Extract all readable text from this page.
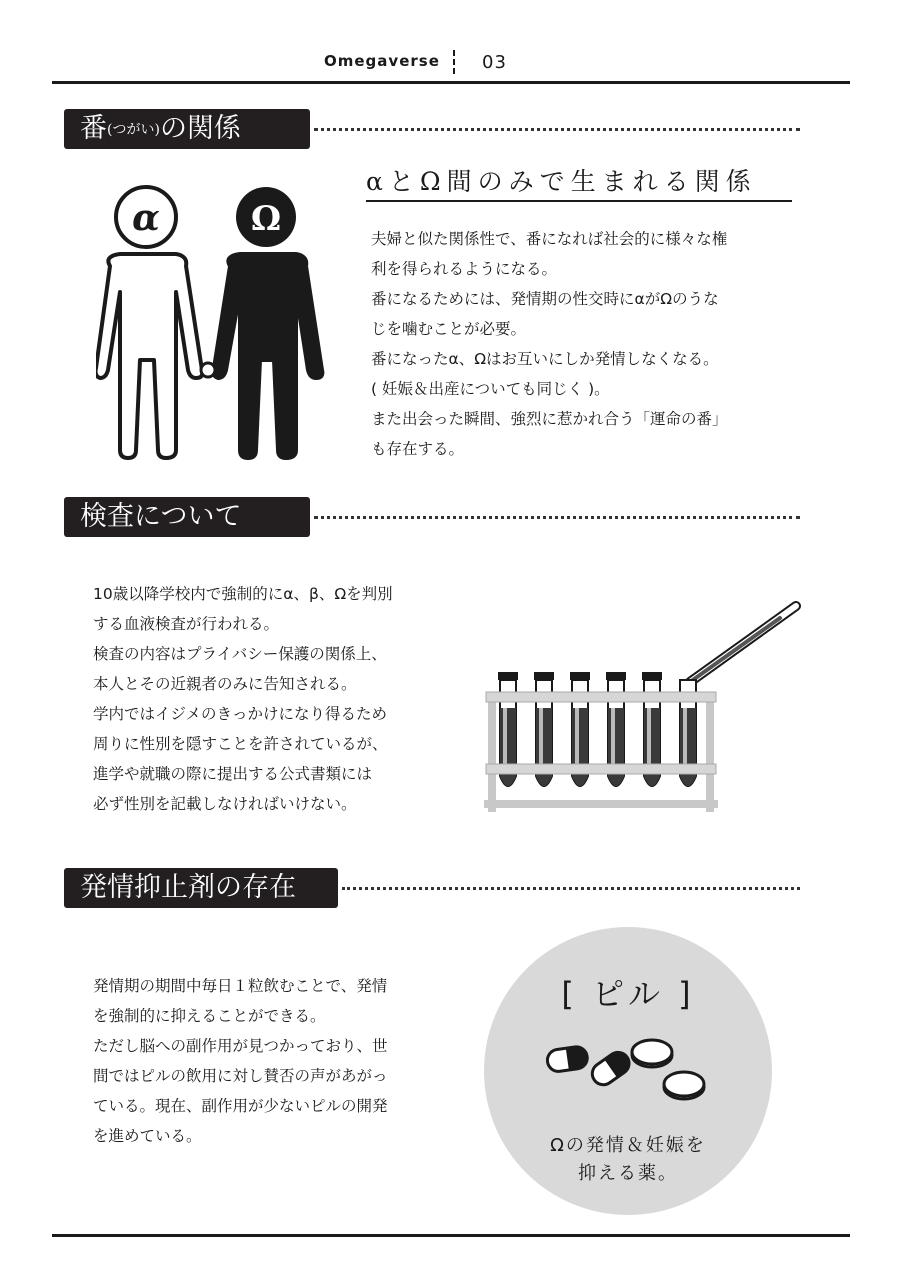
Omegaverse 03
番(つがい)の関係
α	Ω
αとΩ間のみで生まれる関係

夫婦と似た関係性で、番になれば社会的に様々な権

利を得られるようになる。

番になるためには、発情期の性交時にαがΩのうな

じを噛むことが必要。

番になったα、Ωはお互いにしか発情しなくなる。

( 妊娠＆出産についても同じく )。

また出会った瞬間、強烈に惹かれ合う「運命の番」

も存在する。

検査について

10歳以降学校内で強制的にα、β、Ωを判別

する血液検査が行われる。

検査の内容はプライバシー保護の関係上、

本人とその近親者のみに告知される。

学内ではイジメのきっかけになり得るため

周りに性別を隠すことを許されているが、

進学や就職の際に提出する公式書類には

必ず性別を記載しなければいけない。

発情抑止剤の存在

発情期の期間中毎日１粒飲むことで、発情

を強制的に抑えることができる。

ただし脳への副作用が見つかっており、世

間ではピルの飲用に対し賛否の声があがっ

ている。現在、副作用が少ないピルの開発

を進めている。

[ ピル ]
Ωの発情＆妊娠を
抑える薬。
